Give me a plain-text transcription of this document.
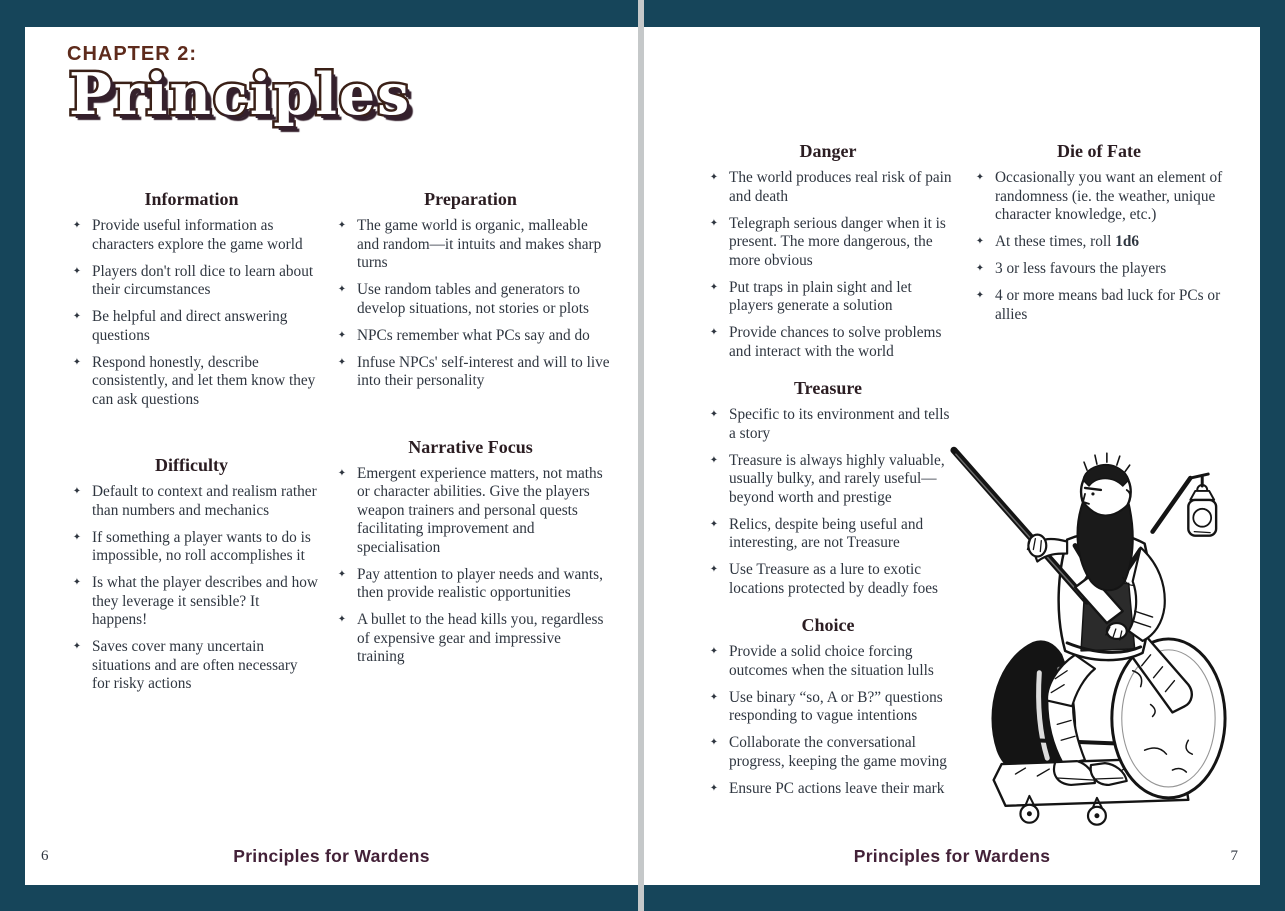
CHAPTER 2:
Principles
Information
✦ Provide useful information as characters explore the game world
✦ Players don't roll dice to learn about their circumstances
✦ Be helpful and direct answering questions
✦ Respond honestly, describe consistently, and let them know they can ask questions
Difficulty
✦ Default to context and realism rather than numbers and mechanics
✦ If something a player wants to do is impossible, no roll accomplishes it
✦ Is what the player describes and how they leverage it sensible? It happens!
✦ Saves cover many uncertain situations and are often necessary for risky actions
Preparation
✦ The game world is organic, malleable and random—it intuits and makes sharp turns
✦ Use random tables and generators to develop situations, not stories or plots
✦ NPCs remember what PCs say and do
✦ Infuse NPCs' self-interest and will to live into their personality
Narrative Focus
✦ Emergent experience matters, not maths or character abilities. Give the players weapon trainers and personal quests facilitating improvement and specialisation
✦ Pay attention to player needs and wants, then provide realistic opportunities
✦ A bullet to the head kills you, regardless of expensive gear and impressive training
6	Principles for Wardens
Danger
✦ The world produces real risk of pain and death
✦ Telegraph serious danger when it is present. The more dangerous, the more obvious
✦ Put traps in plain sight and let players generate a solution
✦ Provide chances to solve problems and interact with the world
Treasure
✦ Specific to its environment and tells a story
✦ Treasure is always highly valuable, usually bulky, and rarely useful—beyond worth and prestige
✦ Relics, despite being useful and interesting, are not Treasure
✦ Use Treasure as a lure to exotic locations protected by deadly foes
Choice
✦ Provide a solid choice forcing outcomes when the situation lulls
✦ Use binary “so, A or B?” questions responding to vague intentions
✦ Collaborate the conversational progress, keeping the game moving
✦ Ensure PC actions leave their mark
Die of Fate
✦ Occasionally you want an element of randomness (ie. the weather, unique character knowledge, etc.)
✦ At these times, roll 1d6
✦ 3 or less favours the players
✦ 4 or more means bad luck for PCs or allies
7
Principles for Wardens
